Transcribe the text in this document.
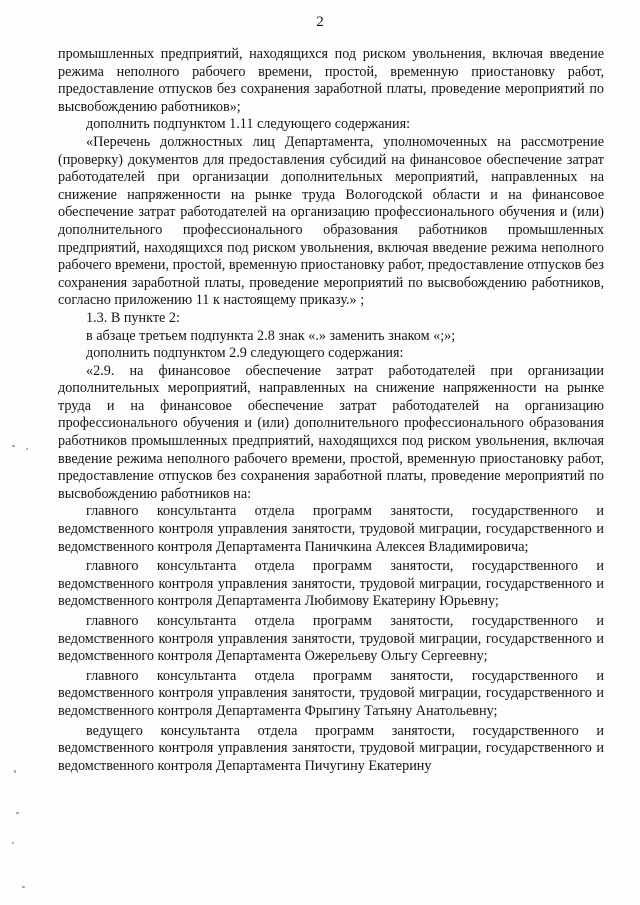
2

промышленных предприятий, находящихся под риском увольнения, включая введение режима неполного рабочего времени, простой, временную приостановку работ, предоставление отпусков без сохранения заработной платы, проведение мероприятий по высвобождению работников»;

дополнить подпунктом 1.11 следующего содержания:

«Перечень должностных лиц Департамента, уполномоченных на рассмотрение (проверку) документов для предоставления субсидий на финансовое обеспечение затрат работодателей при организации дополнительных мероприятий, направленных на снижение напряженности на рынке труда Вологодской области и на финансовое обеспечение затрат работодателей на организацию профессионального обучения и (или) дополнительного профессионального образования работников промышленных предприятий, находящихся под риском увольнения, включая введение режима неполного рабочего времени, простой, временную приостановку работ, предоставление отпусков без сохранения заработной платы, проведение мероприятий по высвобождению работников, согласно приложению 11 к настоящему приказу.» ;

1.3. В пункте 2:

в абзаце третьем подпункта 2.8 знак «.» заменить знаком «;»;

дополнить подпунктом 2.9 следующего содержания:

«2.9. на финансовое обеспечение затрат работодателей при организации дополнительных мероприятий, направленных на снижение напряженности на рынке труда и на финансовое обеспечение затрат работодателей на организацию профессионального обучения и (или) дополнительного профессионального образования работников промышленных предприятий, находящихся под риском увольнения, включая введение режима неполного рабочего времени, простой, временную приостановку работ, предоставление отпусков без сохранения заработной платы, проведение мероприятий по высвобождению работников на:

главного консультанта отдела программ занятости, государственного и ведомственного контроля управления занятости, трудовой миграции, государственного и ведомственного контроля Департамента Паничкина Алексея Владимировича;

главного консультанта отдела программ занятости, государственного и ведомственного контроля управления занятости, трудовой миграции, государственного и ведомственного контроля Департамента Любимову Екатерину Юрьевну;

главного консультанта отдела программ занятости, государственного и ведомственного контроля управления занятости, трудовой миграции, государственного и ведомственного контроля Департамента Ожерельеву Ольгу Сергеевну;

главного консультанта отдела программ занятости, государственного и ведомственного контроля управления занятости, трудовой миграции, государственного и ведомственного контроля Департамента Фрыгину Татьяну Анатольевну;

ведущего консультанта отдела программ занятости, государственного и ведомственного контроля управления занятости, трудовой миграции, государственного и ведомственного контроля Департамента Пичугину Екатерину
